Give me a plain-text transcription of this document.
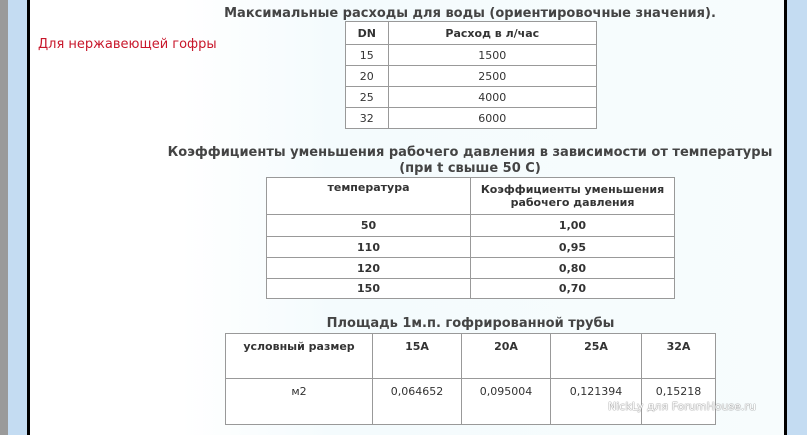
Для нержавеющей гофры
Максимальные расходы для воды (ориентировочные значения).
DN	Расход в л/час
15	1500
20	2500
25	4000
32	6000
Коэффициенты уменьшения рабочего давления в зависимости от температуры
(при t свыше 50 С)
температура	Коэффициенты уменьшения рабочего давления
50	1,00
110	0,95
120	0,80
150	0,70
Площадь 1м.п. гофрированной трубы
условный размер	15А	20А	25А	32А
м2	0,064652	0,095004	0,121394	0,15218
NickLy для ForumHouse.ru
